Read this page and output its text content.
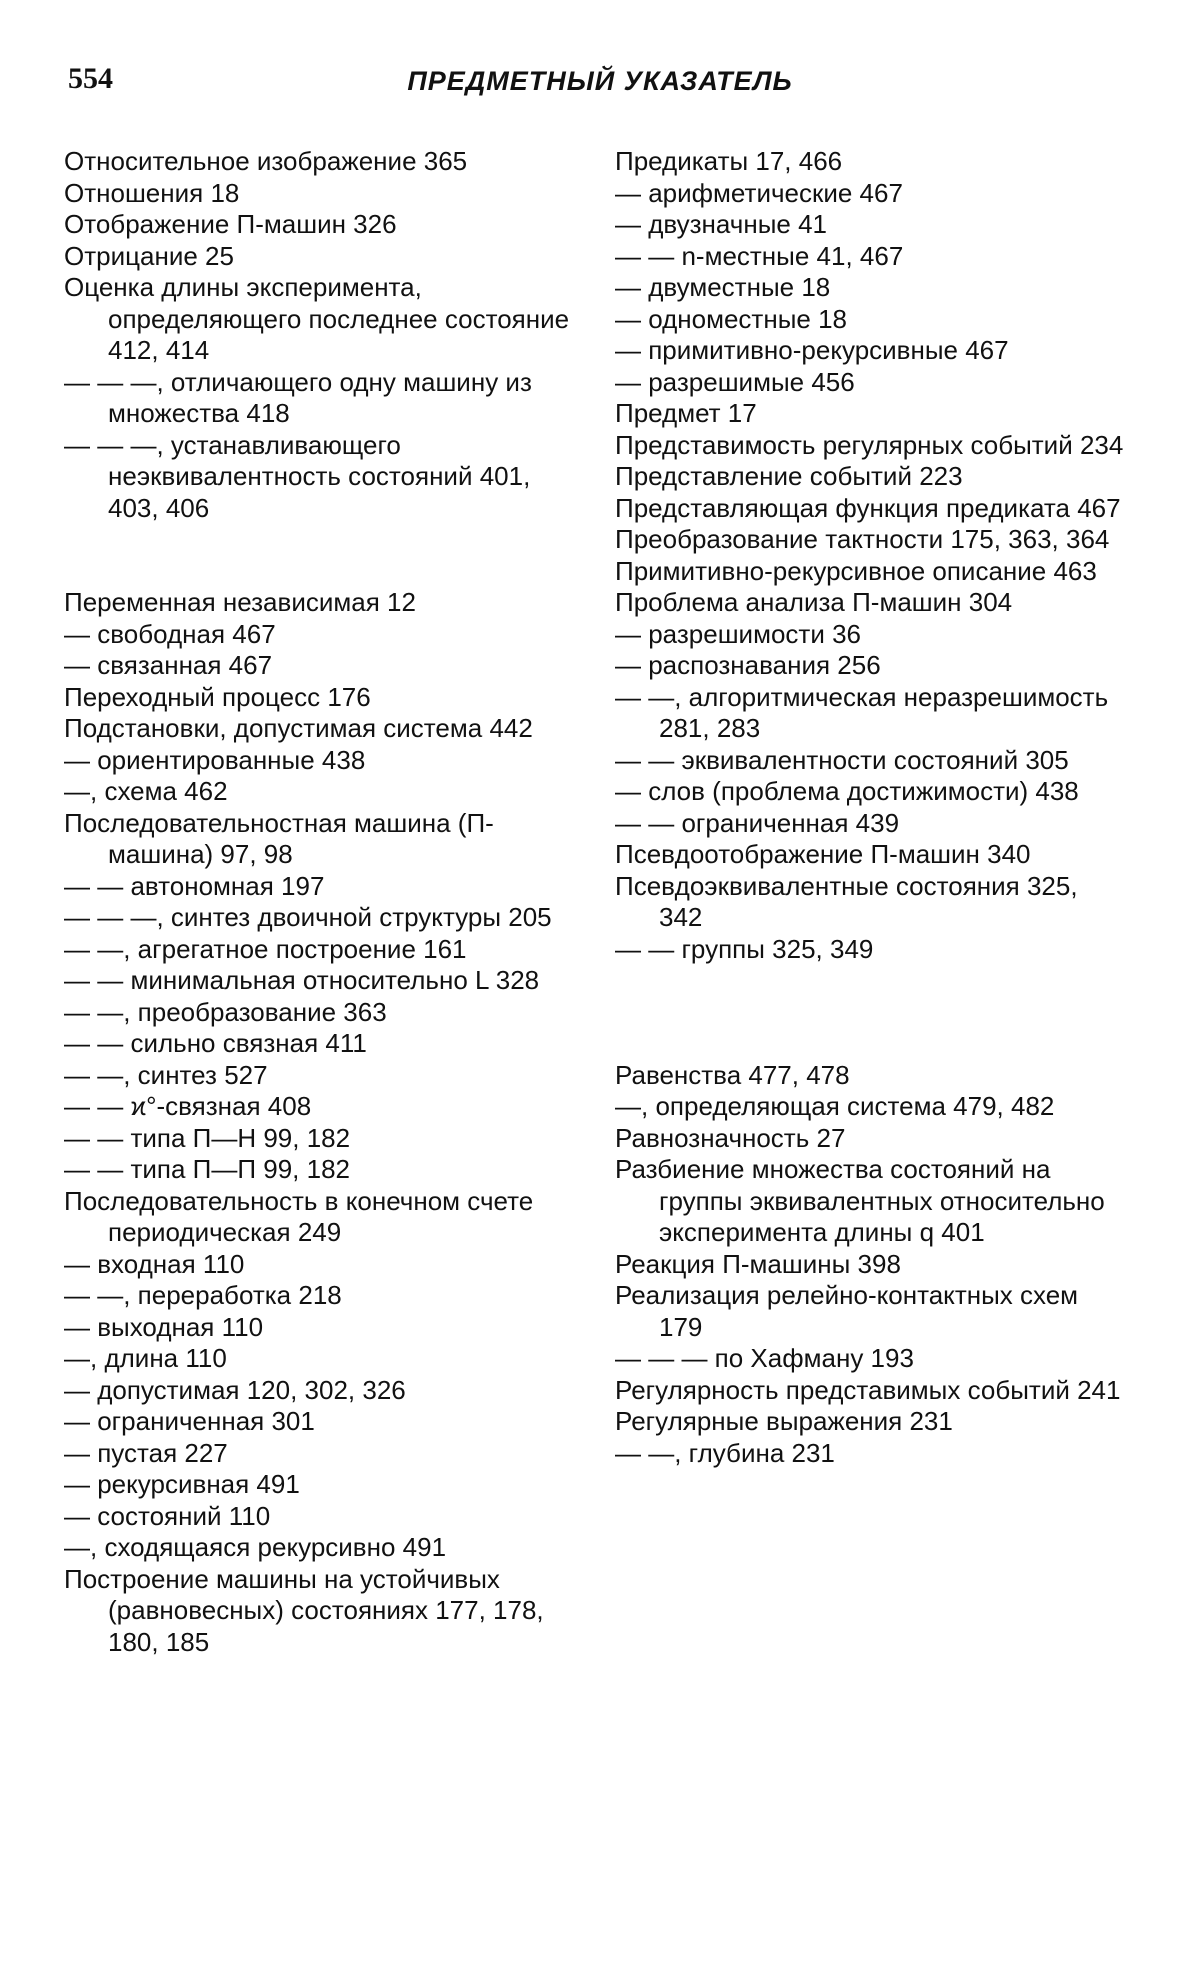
554	ПРЕДМЕТНЫЙ УКАЗАТЕЛЬ

Относительное изображение 365

Отношения 18

Отображение П-машин 326

Отрицание 25

Оценка длины эксперимента, определяющего последнее состояние 412, 414

— — —, отличающего одну машину из множества 418

— — —, устанавливающего неэквивалентность состояний 401, 403, 406

Переменная независимая 12

— свободная 467

— связанная 467

Переходный процесс 176

Подстановки, допустимая система 442

— ориентированные 438

—, схема 462

Последовательностная машина (П-машина) 97, 98

— — автономная 197

— — —, синтез двоичной структуры 205

— —, агрегатное построение 161

— — минимальная относительно L 328

— —, преобразование 363

— — сильно связная 411

— —, синтез 527

— — ϰ°-связная 408

— — типа П—Н 99, 182

— — типа П—П 99, 182

Последовательность в конечном счете периодическая 249

— входная 110

— —, переработка 218

— выходная 110

—, длина 110

— допустимая 120, 302, 326

— ограниченная 301

— пустая 227

— рекурсивная 491

— состояний 110

—, сходящаяся рекурсивно 491

Построение машины на устойчивых (равновесных) состояниях 177, 178, 180, 185

Предикаты 17, 466

— арифметические 467

— двузначные 41

— — n-местные 41, 467

— двуместные 18

— одноместные 18

— примитивно-рекурсивные 467

— разрешимые 456

Предмет 17

Представимость регулярных событий 234

Представление событий 223

Представляющая функция предиката 467

Преобразование тактности 175, 363, 364

Примитивно-рекурсивное описание 463

Проблема анализа П-машин 304

— разрешимости 36

— распознавания 256

— —, алгоритмическая неразрешимость 281, 283

— — эквивалентности состояний 305

— слов (проблема достижимости) 438

— — ограниченная 439

Псевдоотображение П-машин 340

Псевдоэквивалентные состояния 325, 342

— — группы 325, 349

Равенства 477, 478

—, определяющая система 479, 482

Равнозначность 27

Разбиение множества состояний на группы эквивалентных относительно эксперимента длины q 401

Реакция П-машины 398

Реализация релейно-контактных схем 179

— — — по Хафману 193

Регулярность представимых событий 241

Регулярные выражения 231

— —, глубина 231
